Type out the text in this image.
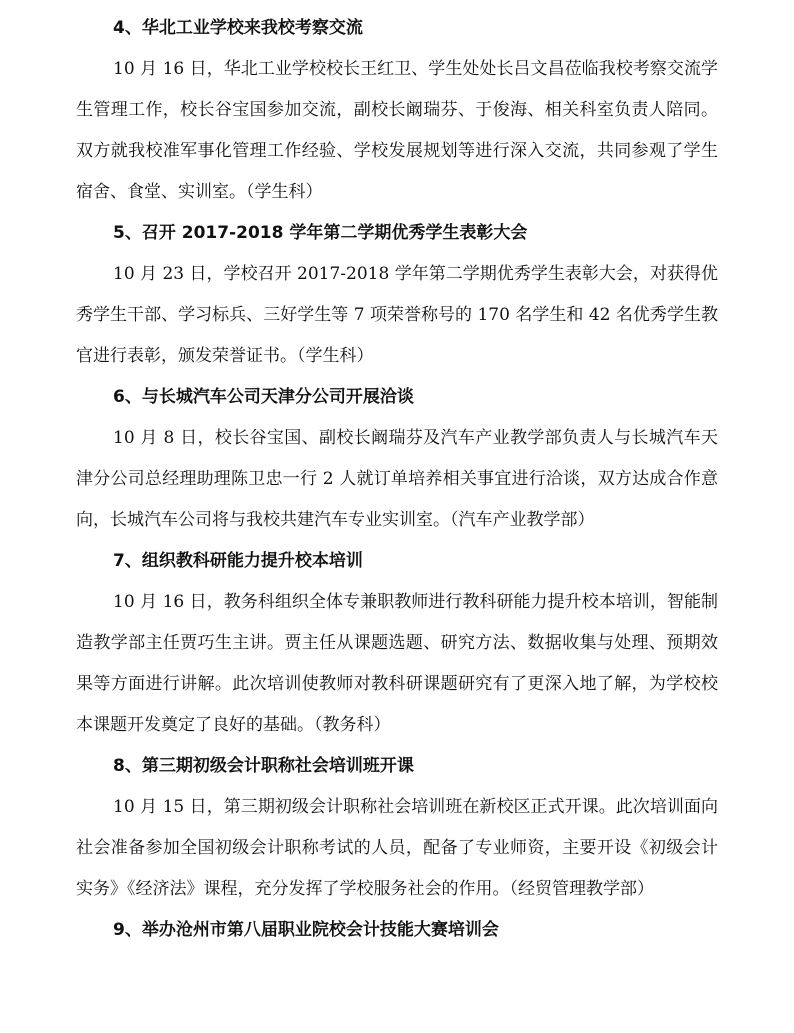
4、华北工业学校来我校考察交流

10 月 16 日，华北工业学校校长王红卫、学生处处长吕文昌莅临我校考察交流学生管理工作，校长谷宝国参加交流，副校长阚瑞芬、于俊海、相关科室负责人陪同。双方就我校准军事化管理工作经验、学校发展规划等进行深入交流，共同参观了学生宿舍、食堂、实训室。（学生科）

5、召开 2017-2018 学年第二学期优秀学生表彰大会

10 月 23 日，学校召开 2017-2018 学年第二学期优秀学生表彰大会，对获得优秀学生干部、学习标兵、三好学生等 7 项荣誉称号的 170 名学生和 42 名优秀学生教官进行表彰，颁发荣誉证书。（学生科）

6、与长城汽车公司天津分公司开展洽谈

10 月 8 日，校长谷宝国、副校长阚瑞芬及汽车产业教学部负责人与长城汽车天津分公司总经理助理陈卫忠一行 2 人就订单培养相关事宜进行洽谈，双方达成合作意向，长城汽车公司将与我校共建汽车专业实训室。（汽车产业教学部）

7、组织教科研能力提升校本培训

10 月 16 日，教务科组织全体专兼职教师进行教科研能力提升校本培训，智能制造教学部主任贾巧生主讲。贾主任从课题选题、研究方法、数据收集与处理、预期效果等方面进行讲解。此次培训使教师对教科研课题研究有了更深入地了解，为学校校本课题开发奠定了良好的基础。（教务科）

8、第三期初级会计职称社会培训班开课

10 月 15 日，第三期初级会计职称社会培训班在新校区正式开课。此次培训面向社会准备参加全国初级会计职称考试的人员，配备了专业师资，主要开设《初级会计实务》《经济法》课程，充分发挥了学校服务社会的作用。（经贸管理教学部）

9、举办沧州市第八届职业院校会计技能大赛培训会
